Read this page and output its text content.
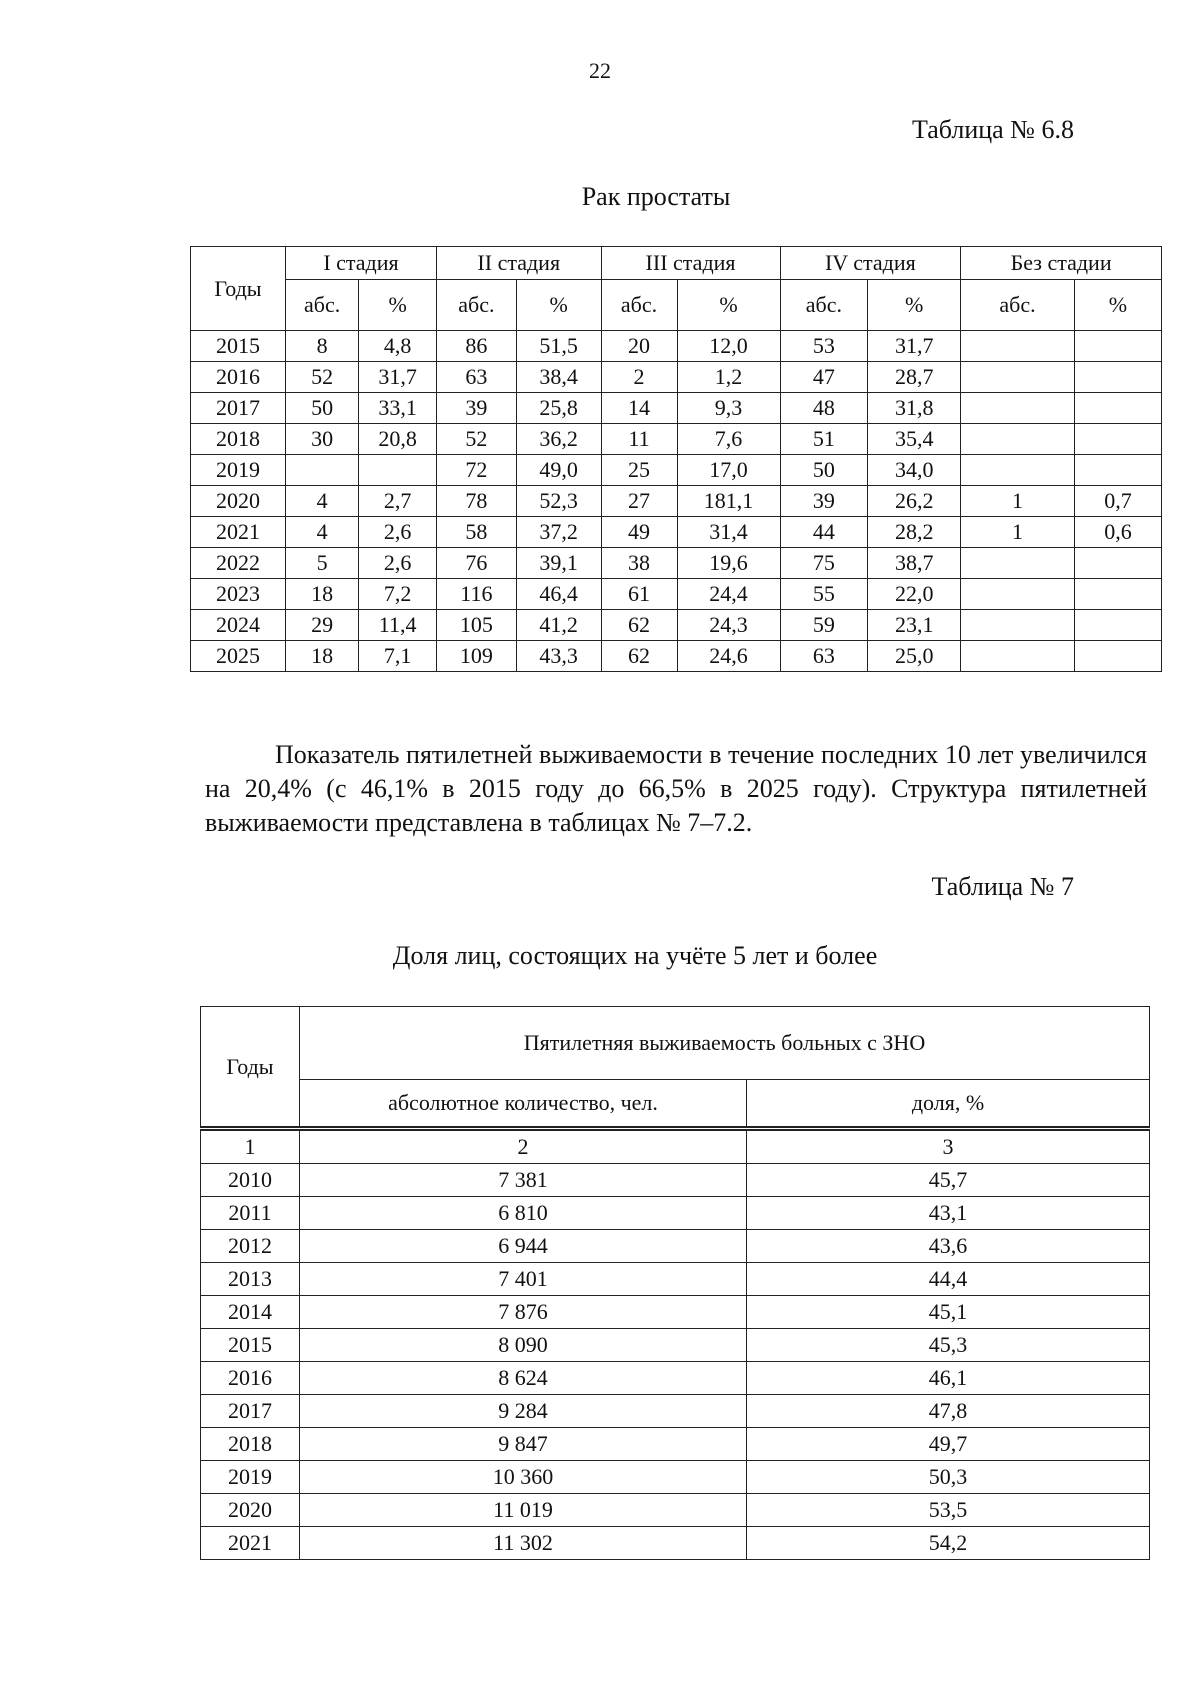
22
Таблица № 6.8
Рак простаты
Годы	I стадия		II стадия		III стадия		IV стадия		Без стадии	
	абс.	%	абс.	%	абс.	%	абс.	%	абс.	%
2015	8	4,8	86	51,5	20	12,0	53	31,7		
2016	52	31,7	63	38,4	2	1,2	47	28,7		
2017	50	33,1	39	25,8	14	9,3	48	31,8		
2018	30	20,8	52	36,2	11	7,6	51	35,4		
2019			72	49,0	25	17,0	50	34,0		
2020	4	2,7	78	52,3	27	181,1	39	26,2	1	0,7
2021	4	2,6	58	37,2	49	31,4	44	28,2	1	0,6
2022	5	2,6	76	39,1	38	19,6	75	38,7		
2023	18	7,2	116	46,4	61	24,4	55	22,0		
2024	29	11,4	105	41,2	62	24,3	59	23,1		
2025	18	7,1	109	43,3	62	24,6	63	25,0		
Показатель пятилетней выживаемости в течение последних 10 лет увеличился на 20,4% (с 46,1% в 2015 году до 66,5% в 2025 году). Структура пятилетней выживаемости представлена в таблицах № 7–7.2.
Таблица № 7
Доля лиц, состоящих на учёте 5 лет и более
Годы	Пятилетняя выживаемость больных с ЗНО	
	абсолютное количество, чел.	доля, %
1	2	3
2010	7 381	45,7
2011	6 810	43,1
2012	6 944	43,6
2013	7 401	44,4
2014	7 876	45,1
2015	8 090	45,3
2016	8 624	46,1
2017	9 284	47,8
2018	9 847	49,7
2019	10 360	50,3
2020	11 019	53,5
2021	11 302	54,2
